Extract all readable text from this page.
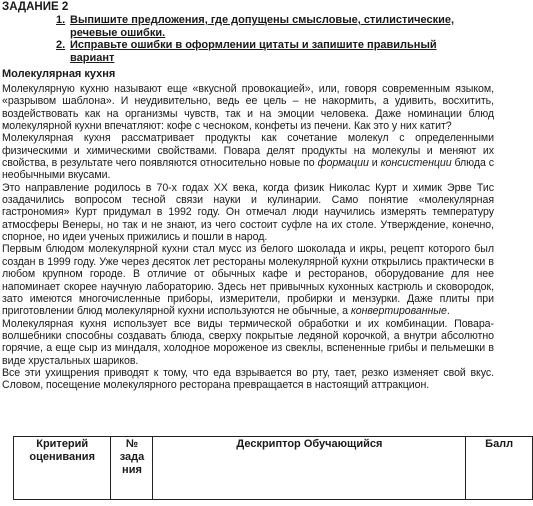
ЗАДАНИЕ 2
1. Выпишите предложения, где допущены смысловые, стилистические, речевые ошибки.
2. Исправьте ошибки в оформлении цитаты и запишите правильный вариант
Молекулярная кухня

Молекулярную кухню называют еще «вкусной провокацией», или, говоря современным языком, «разрывом шаблона». И неудивительно, ведь ее цель – не накормить, а удивить, восхитить, воздействовать как на организмы чувств, так и на эмоции человека. Даже номинации блюд молекулярной кухни впечатляют: кофе с чесноком, конфеты из печени. Как это у них катит?

Молекулярная кухня рассматривает продукты как сочетание молекул с определенными физическими и химическими свойствами. Повара делят продукты на молекулы и меняют их свойства, в результате чего появляются относительно новые по формации и консистенции блюда с необычными вкусами.

Это направление родилось в 70-х годах XX века, когда физик Николас Курт и химик Эрве Тис озадачились вопросом тесной связи науки и кулинарии. Само понятие «молекулярная гастрономия» Курт придумал в 1992 году. Он отмечал люди научились измерять температуру атмосферы Венеры, но так и не знают, из чего состоит суфле на их столе. Утверждение, конечно, спорное, но идеи ученых прижились и пошли в народ.

Первым блюдом молекулярной кухни стал мусс из белого шоколада и икры, рецепт которого был создан в 1999 году. Уже через десяток лет рестораны молекулярной кухни открылись практически в любом крупном городе. В отличие от обычных кафе и ресторанов, оборудование для нее напоминает скорее научную лабораторию. Здесь нет привычных кухонных кастрюль и сковородок, зато имеются многочисленные приборы, измерители, пробирки и мензурки. Даже плиты при приготовлении блюд молекулярной кухни используются не обычные, а конвертированные.

Молекулярная кухня использует все виды термической обработки и их комбинации. Повара-волшебники способны создавать блюда, сверху покрытые ледяной корочкой, а внутри абсолютно горячие, а еще сыр из миндаля, холодное мороженое из свеклы, вспененные грибы и пельмешки в виде хрустальных шариков.

Все эти ухищрения приводят к тому, что еда взрывается во рту, тает, резко изменяет свой вкус. Словом, посещение молекулярного ресторана превращается в настоящий аттракцион.

Критерий оценивания	№ зада ния	Дескриптор Обучающийся	Балл
